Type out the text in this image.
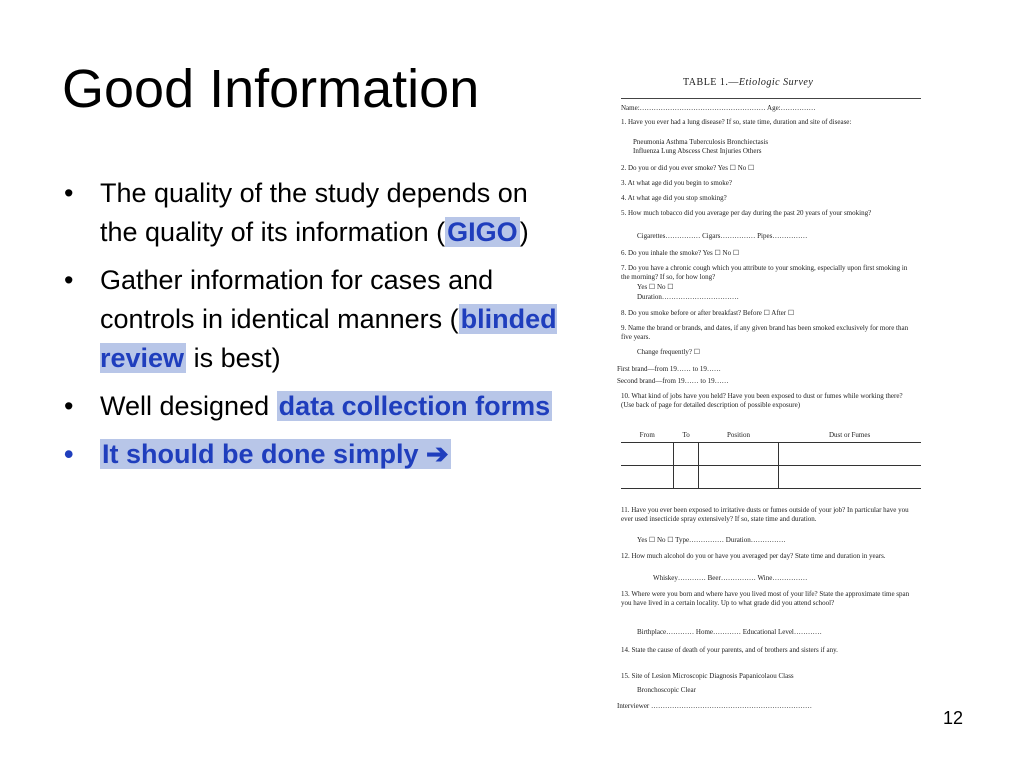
Good Information
• The quality of the study depends on the quality of its information (GIGO)
• Gather information for cases and controls in identical manners (blinded review is best)
• Well designed data collection forms
• It should be done simply ➔
TABLE 1.—Etiologic Survey
Name:……………………………………………… Age:……………
1. Have you ever had a lung disease? If so, state time, duration and site of disease:
Pneumonia Asthma Tuberculosis Bronchiectasis
Influenza Lung Abscess Chest Injuries Others
2. Do you or did you ever smoke? Yes ☐ No ☐
3. At what age did you begin to smoke?
4. At what age did you stop smoking?
5. How much tobacco did you average per day during the past 20 years of your smoking?
Cigarettes…………… Cigars…………… Pipes……………
6. Do you inhale the smoke? Yes ☐ No ☐
7. Do you have a chronic cough which you attribute to your smoking, especially upon first smoking in the morning? If so, for how long?
Yes ☐ No ☐
Duration……………………………
8. Do you smoke before or after breakfast? Before ☐ After ☐
9. Name the brand or brands, and dates, if any given brand has been smoked exclusively for more than five years.
Change frequently? ☐
First brand—from 19…… to 19……
Second brand—from 19…… to 19……
10. What kind of jobs have you held? Have you been exposed to dust or fumes while working there? (Use back of page for detailed description of possible exposure)
From	To	Position	Dust or Fumes

11. Have you ever been exposed to irritative dusts or fumes outside of your job? In particular have you ever used insecticide spray extensively? If so, state time and duration.
Yes ☐ No ☐ Type…………… Duration……………
12. How much alcohol do you or have you averaged per day? State time and duration in years.
Whiskey………… Beer…………… Wine……………
13. Where were you born and where have you lived most of your life? State the approximate time span you have lived in a certain locality. Up to what grade did you attend school?
Birthplace………… Home………… Educational Level…………
14. State the cause of death of your parents, and of brothers and sisters if any.
15. Site of Lesion Microscopic Diagnosis Papanicolaou Class
Bronchoscopic Clear
Interviewer ……………………………………………………………
12
